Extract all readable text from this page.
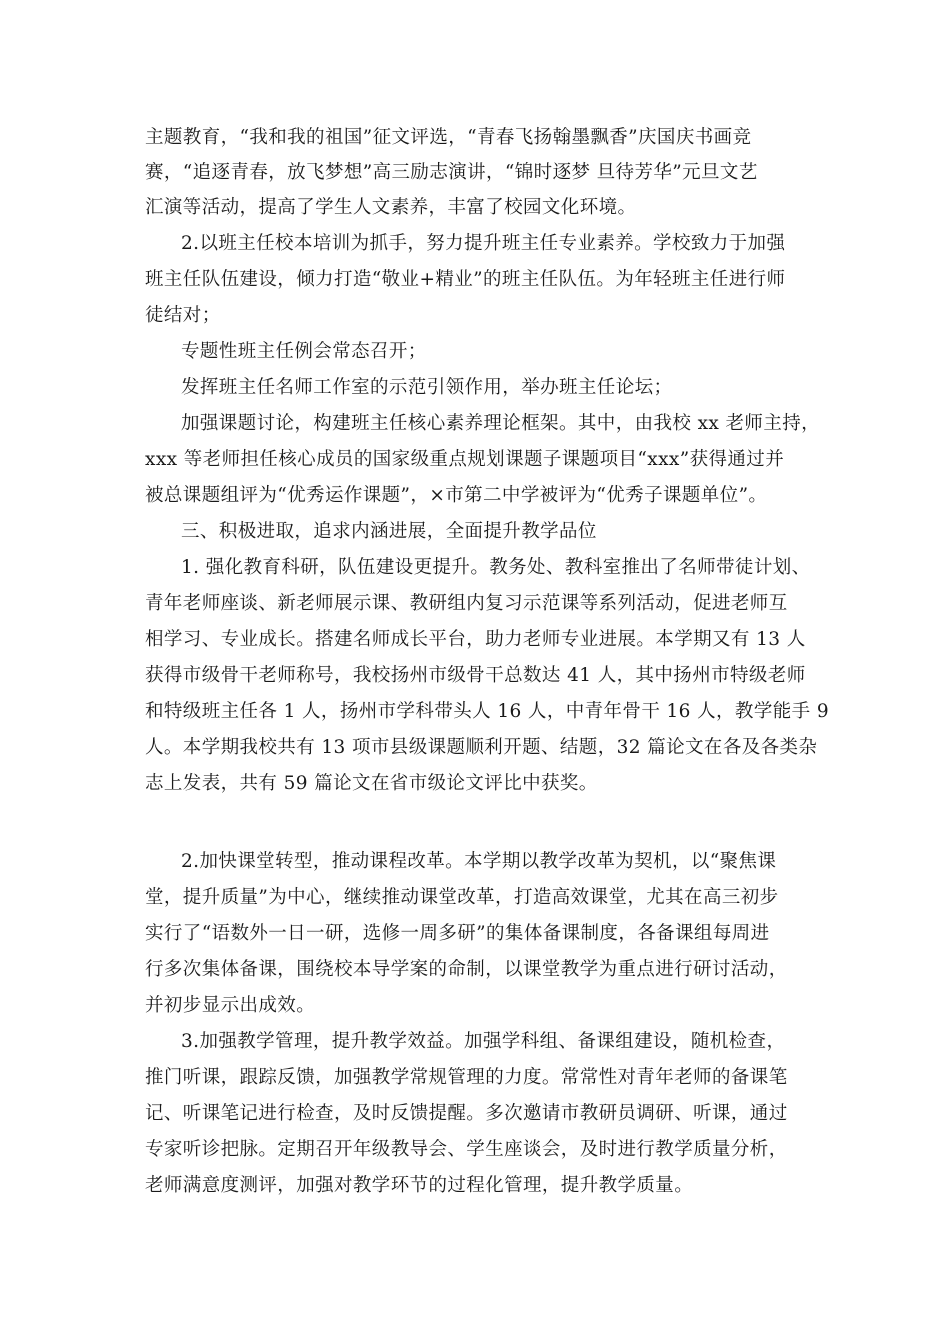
主题教育，“我和我的祖国”征文评选，“青春飞扬翰墨飘香”庆国庆书画竞
赛，“追逐青春，放飞梦想”高三励志演讲，“锦时逐梦 旦待芳华”元旦文艺
汇演等活动，提高了学生人文素养，丰富了校园文化环境。
2.以班主任校本培训为抓手，努力提升班主任专业素养。学校致力于加强
班主任队伍建设，倾力打造“敬业+精业”的班主任队伍。为年轻班主任进行师
徒结对；
专题性班主任例会常态召开；
发挥班主任名师工作室的示范引领作用，举办班主任论坛；
加强课题讨论，构建班主任核心素养理论框架。其中，由我校 xx 老师主持，
xxx 等老师担任核心成员的国家级重点规划课题子课题项目“xxx”获得通过并
被总课题组评为“优秀运作课题”，×市第二中学被评为“优秀子课题单位”。
三、积极进取，追求内涵进展，全面提升教学品位
1. 强化教育科研，队伍建设更提升。教务处、教科室推出了名师带徒计划、
青年老师座谈、新老师展示课、教研组内复习示范课等系列活动，促进老师互
相学习、专业成长。搭建名师成长平台，助力老师专业进展。本学期又有 13 人
获得市级骨干老师称号，我校扬州市级骨干总数达 41 人，其中扬州市特级老师
和特级班主任各 1 人，扬州市学科带头人 16 人，中青年骨干 16 人，教学能手 9
人。本学期我校共有 13 项市县级课题顺利开题、结题，32 篇论文在各及各类杂
志上发表，共有 59 篇论文在省市级论文评比中获奖。
2.加快课堂转型，推动课程改革。本学期以教学改革为契机，以“聚焦课
堂，提升质量”为中心，继续推动课堂改革，打造高效课堂，尤其在高三初步
实行了“语数外一日一研，选修一周多研”的集体备课制度，各备课组每周进
行多次集体备课，围绕校本导学案的命制，以课堂教学为重点进行研讨活动，
并初步显示出成效。
3.加强教学管理，提升教学效益。加强学科组、备课组建设，随机检查，
推门听课，跟踪反馈，加强教学常规管理的力度。常常性对青年老师的备课笔
记、听课笔记进行检查，及时反馈提醒。多次邀请市教研员调研、听课，通过
专家听诊把脉。定期召开年级教导会、学生座谈会，及时进行教学质量分析，
老师满意度测评，加强对教学环节的过程化管理，提升教学质量。
